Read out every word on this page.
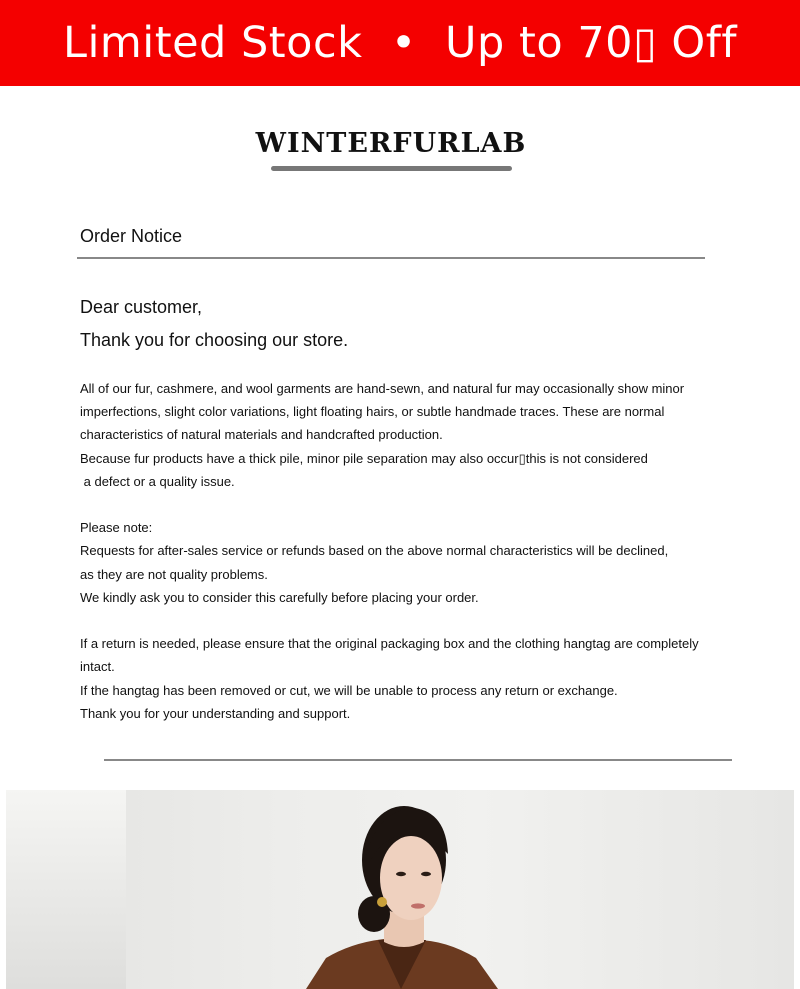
Limited Stock  •  Up to 70▯ Off
WINTERFURLAB
Order Notice
Dear customer,
Thank you for choosing our store.

All of our fur, cashmere, and wool garments are hand-sewn, and natural fur may occasionally show minor

imperfections, slight color variations, light floating hairs, or subtle handmade traces. These are normal

characteristics of natural materials and handcrafted production.

Because fur products have a thick pile, minor pile separation may also occur▯this is not considered

a defect or a quality issue.

Please note:

Requests for after-sales service or refunds based on the above normal characteristics will be declined,

as they are not quality problems.

We kindly ask you to consider this carefully before placing your order.

If a return is needed, please ensure that the original packaging box and the clothing hangtag are completely

intact.

If the hangtag has been removed or cut, we will be unable to process any return or exchange.

Thank you for your understanding and support.
